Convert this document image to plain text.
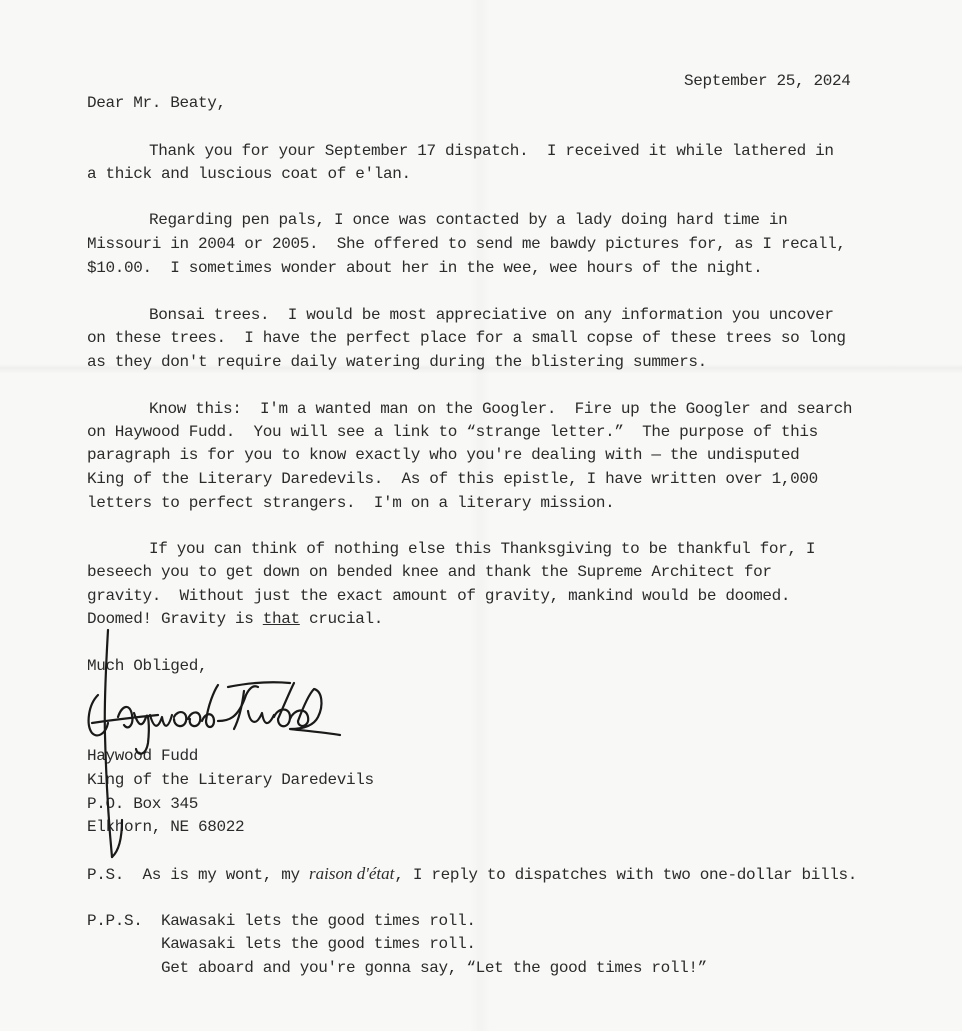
September 25, 2024
Dear Mr. Beaty,
Thank you for your September 17 dispatch.  I received it while lathered in
a thick and luscious coat of e'lan.
Regarding pen pals, I once was contacted by a lady doing hard time in
Missouri in 2004 or 2005.  She offered to send me bawdy pictures for, as I recall,
$10.00.  I sometimes wonder about her in the wee, wee hours of the night.
Bonsai trees.  I would be most appreciative on any information you uncover
on these trees.  I have the perfect place for a small copse of these trees so long
as they don't require daily watering during the blistering summers.
Know this:  I'm a wanted man on the Googler.  Fire up the Googler and search
on Haywood Fudd.  You will see a link to “strange letter.”  The purpose of this
paragraph is for you to know exactly who you're dealing with — the undisputed
King of the Literary Daredevils.  As of this epistle, I have written over 1,000
letters to perfect strangers.  I'm on a literary mission.
If you can think of nothing else this Thanksgiving to be thankful for, I
beseech you to get down on bended knee and thank the Supreme Architect for
gravity.  Without just the exact amount of gravity, mankind would be doomed.
Doomed! Gravity is that crucial.
Much Obliged,
Haywood Fudd
King of the Literary Daredevils
P.O. Box 345
Elkhorn, NE 68022
P.S.  As is my wont, my raison d'état, I reply to dispatches with two one-dollar bills.
P.P.S.  Kawasaki lets the good times roll.
Kawasaki lets the good times roll.
Get aboard and you're gonna say, “Let the good times roll!”
